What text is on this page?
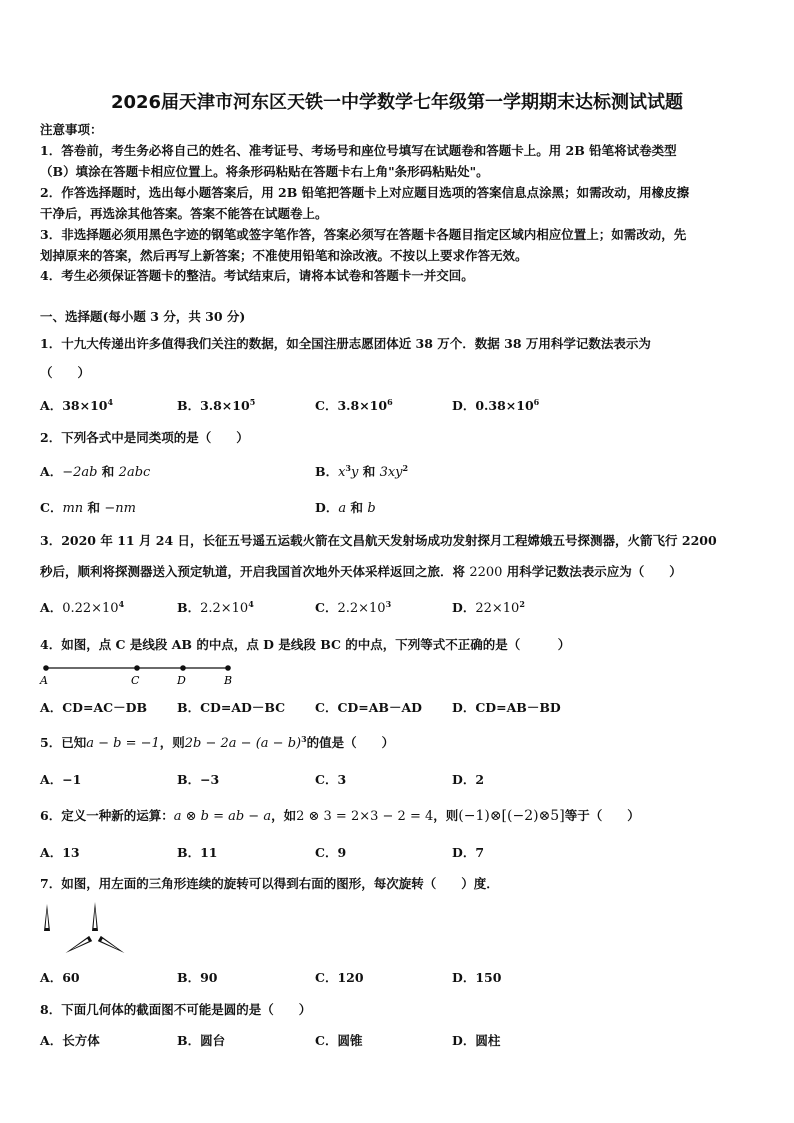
2026届天津市河东区天铁一中学数学七年级第一学期期末达标测试试题
注意事项：
1．答卷前，考生务必将自己的姓名、准考证号、考场号和座位号填写在试题卷和答题卡上。用 2B 铅笔将试卷类型
（B）填涂在答题卡相应位置上。将条形码粘贴在答题卡右上角"条形码粘贴处"。
2．作答选择题时，选出每小题答案后，用 2B 铅笔把答题卡上对应题目选项的答案信息点涂黑；如需改动，用橡皮擦
干净后，再选涂其他答案。答案不能答在试题卷上。
3．非选择题必须用黑色字迹的钢笔或签字笔作答，答案必须写在答题卡各题目指定区域内相应位置上；如需改动，先
划掉原来的答案，然后再写上新答案；不准使用铅笔和涂改液。不按以上要求作答无效。
4．考生必须保证答题卡的整洁。考试结束后，请将本试卷和答题卡一并交回。
一、选择题(每小题 3 分，共 30 分)
1．十九大传递出许多值得我们关注的数据，如全国注册志愿团体近 38 万个．数据 38 万用科学记数法表示为
（　　）
A．$38\times 10^4$	B．$3.8\times 10^5$	C．$3.8\times 10^6$	D．$0.38\times 10^6$
2．下列各式中是同类项的是（　　）
A．−2ab 和 2abc	B．$x^3y$ 和 $3xy^2$
C．mn 和 −nm	D．a 和 b
3．2020 年 11 月 24 日，长征五号遥五运载火箭在文昌航天发射场成功发射探月工程嫦娥五号探测器，火箭飞行 2200
秒后，顺利将探测器送入预定轨道，开启我国首次地外天体采样返回之旅．将 2200 用科学记数法表示应为（　　）
A．$0.22\times 10^4$	B．$2.2\times 10^4$	C．$2.2\times 10^3$	D．$22\times 10^2$
4．如图，点 C 是线段 AB 的中点，点 D 是线段 BC 的中点，下列等式不正确的是（　　　）
A	C	D	B
A．CD=AC－DB B．CD=AD－BC C．CD=AB－AD D．CD=AB－BD
5．已知a − b = −1，则$2b - 2a - (a - b)^3$的值是（　　）
A．−1	B．−3	C．3	D．2
6．定义一种新的运算：a ⊗ b = ab − a，如2 ⊗ 3 = 2×3 − 2 = 4，则(−1)⊗[(−2)⊗5]等于（　　）
A．13	B．11	C．9	D．7
7．如图，用左面的三角形连续的旋转可以得到右面的图形，每次旋转（　　）度．
A．60	B．90	C．120	D．150
8．下面几何体的截面图不可能是圆的是（　　）
A．长方体	B．圆台	C．圆锥	D．圆柱
